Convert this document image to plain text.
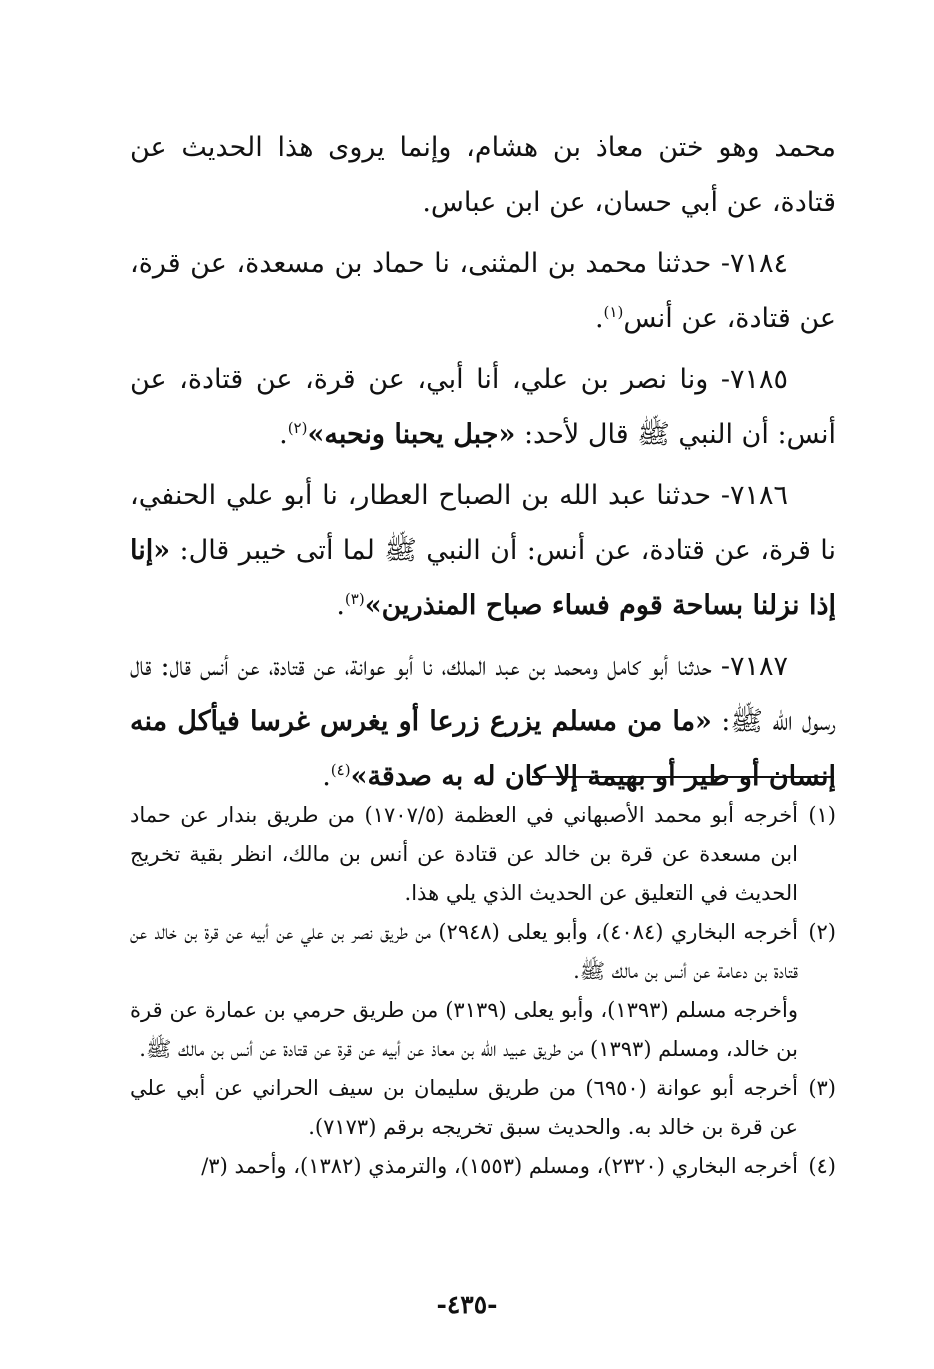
محمد وهو ختن معاذ بن هشام، وإنما يروى هذا الحديث عن قتادة، عن أبي حسان، عن ابن عباس.

٧١٨٤- حدثنا محمد بن المثنى، نا حماد بن مسعدة، عن قرة، عن قتادة، عن أنس$^{(١)}$.

٧١٨٥- ونا نصر بن علي، أنا أبي، عن قرة، عن قتادة، عن أنس: أن النبي ﷺ قال لأحد: «جبل يحبنا ونحبه»$^{(٢)}$.

٧١٨٦- حدثنا عبد الله بن الصباح العطار، نا أبو علي الحنفي، نا قرة، عن قتادة، عن أنس: أن النبي ﷺ لما أتى خيبر قال: «إنا إذا نزلنا بساحة قوم فساء صباح المنذرين»$^{(٣)}$.

٧١٨٧- حدثنا أبو كامل ومحمد بن عبد الملك، نا أبو عوانة، عن قتادة، عن أنس قال: قال رسول الله ﷺ: «ما من مسلم يزرع زرعا أو يغرس غرسا فيأكل منه إنسان أو طير أو بهيمة إلا كان له به صدقة»$^{(٤)}$.

(١)

أخرجه أبو محمد الأصبهاني في العظمة (١٧٠٧/٥) من طريق بندار عن حماد ابن مسعدة عن قرة بن خالد عن قتادة عن أنس بن مالك، انظر بقية تخريج الحديث في التعليق عن الحديث الذي يلي هذا.

(٢)

أخرجه البخاري (٤٠٨٤)، وأبو يعلى (٢٩٤٨) من طريق نصر بن علي عن أبيه عن قرة بن خالد عن قتادة بن دعامة عن أنس بن مالك ﷺ.

وأخرجه مسلم (١٣٩٣)، وأبو يعلى (٣١٣٩) من طريق حرمي بن عمارة عن قرة بن خالد، ومسلم (١٣٩٣) من طريق عبيد الله بن معاذ عن أبيه عن قرة عن قتادة عن أنس بن مالك ﷺ.

(٣)

أخرجه أبو عوانة (٦٩٥٠) من طريق سليمان بن سيف الحراني عن أبي علي عن قرة بن خالد به. والحديث سبق تخريجه برقم (٧١٧٣).

(٤)

أخرجه البخاري (٢٣٢٠)، ومسلم (١٥٥٣)، والترمذي (١٣٨٢)، وأحمد (٣/

-٤٣٥-
